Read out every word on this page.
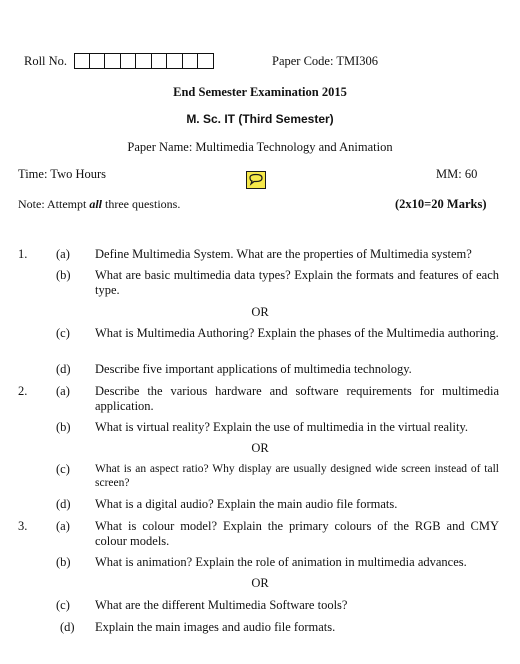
Roll No.	Paper Code: TMI306
End Semester Examination 2015
M. Sc. IT (Third Semester)
Paper Name: Multimedia Technology and Animation
Time: Two Hours	MM: 60
Note: Attempt all three questions.	(2x10=20 Marks)
1. (a) Define Multimedia System. What are the properties of Multimedia system?
(b) What are basic multimedia data types? Explain the formats and features of each type.
OR
(c) What is Multimedia Authoring? Explain the phases of the Multimedia authoring.
(d) Describe five important applications of multimedia technology.
2. (a) Describe the various hardware and software requirements for multimedia application.
(b) What is virtual reality? Explain the use of multimedia in the virtual reality.
OR
(c) What is an aspect ratio? Why display are usually designed wide screen instead of tall screen?
(d) What is a digital audio? Explain the main audio file formats.
3. (a) What is colour model? Explain the primary colours of the RGB and CMY colour models.
(b) What is animation? Explain the role of animation in multimedia advances.
OR
(c) What are the different Multimedia Software tools?
(d) Explain the main images and audio file formats.
